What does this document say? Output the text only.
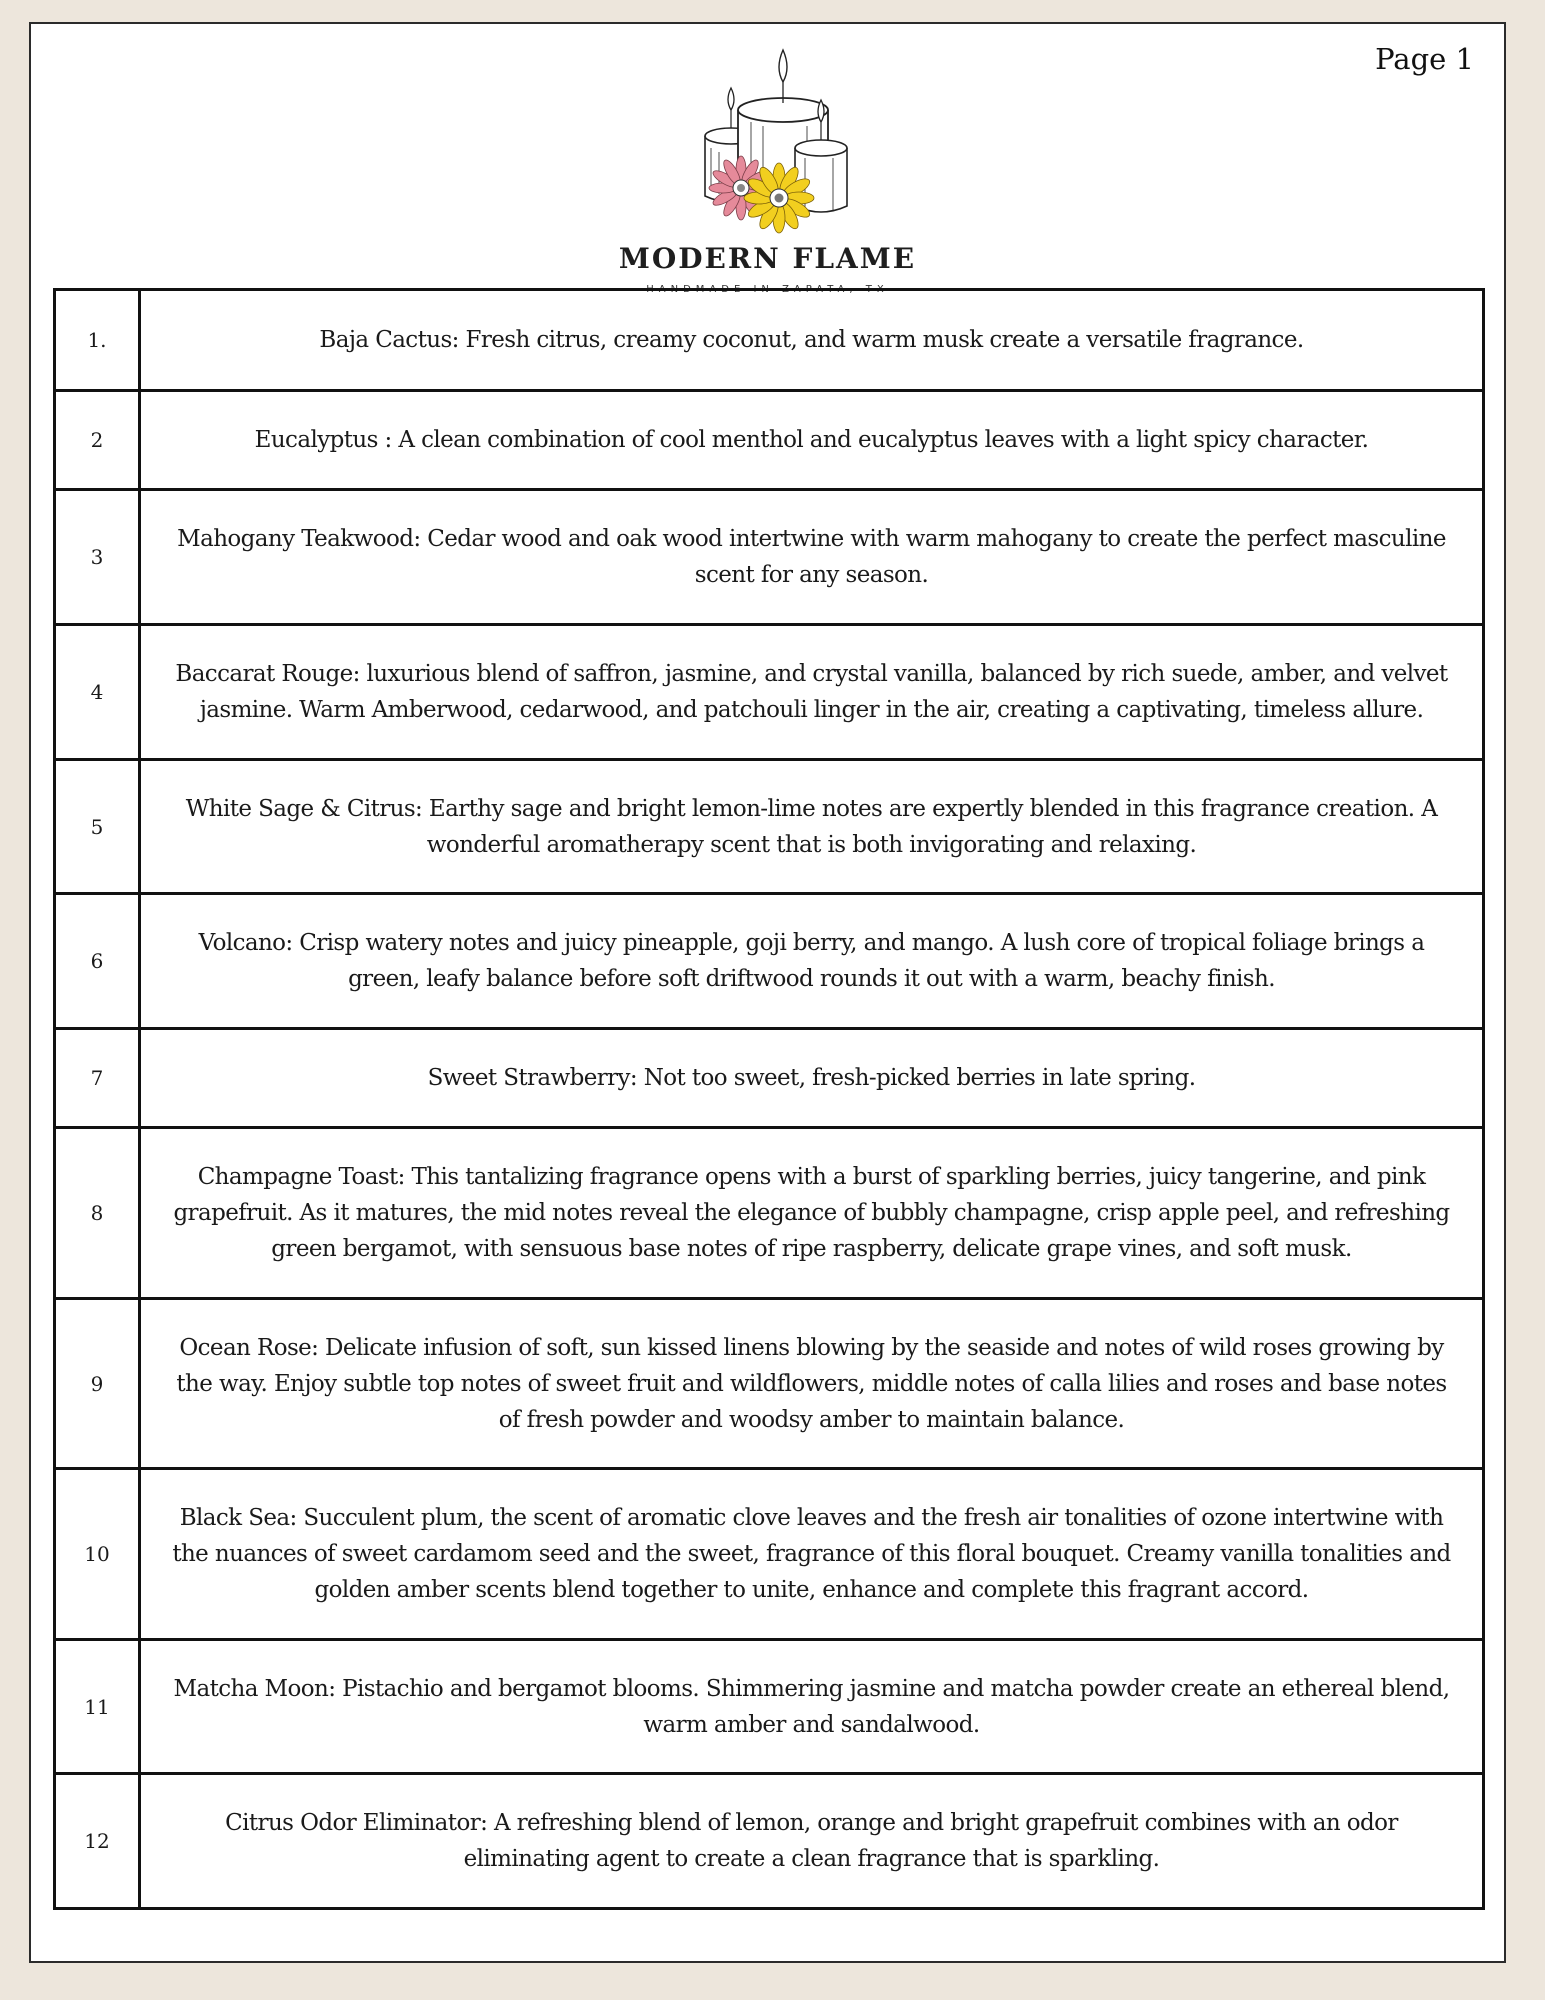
Page 1
MODERN FLAME
HANDMADE IN ZAPATA, TX
1.	Baja Cactus: Fresh citrus, creamy coconut, and warm musk create a versatile fragrance.
2	Eucalyptus : A clean combination of cool menthol and eucalyptus leaves with a light spicy character.
3	Mahogany Teakwood: Cedar wood and oak wood intertwine with warm mahogany to create the perfect masculine scent for any season.
4	Baccarat Rouge: luxurious blend of saffron, jasmine, and crystal vanilla, balanced by rich suede, amber, and velvet jasmine. Warm Amberwood, cedarwood, and patchouli linger in the air, creating a captivating, timeless allure.
5	White Sage & Citrus: Earthy sage and bright lemon-lime notes are expertly blended in this fragrance creation. A wonderful aromatherapy scent that is both invigorating and relaxing.
6	Volcano: Crisp watery notes and juicy pineapple, goji berry, and mango. A lush core of tropical foliage brings a green, leafy balance before soft driftwood rounds it out with a warm, beachy finish.
7	Sweet Strawberry: Not too sweet, fresh-picked berries in late spring.
8	Champagne Toast: This tantalizing fragrance opens with a burst of sparkling berries, juicy tangerine, and pink grapefruit. As it matures, the mid notes reveal the elegance of bubbly champagne, crisp apple peel, and refreshing green bergamot, with sensuous base notes of ripe raspberry, delicate grape vines, and soft musk.
9	Ocean Rose: Delicate infusion of soft, sun kissed linens blowing by the seaside and notes of wild roses growing by the way. Enjoy subtle top notes of sweet fruit and wildflowers, middle notes of calla lilies and roses and base notes of fresh powder and woodsy amber to maintain balance.
10	Black Sea: Succulent plum, the scent of aromatic clove leaves and the fresh air tonalities of ozone intertwine with the nuances of sweet cardamom seed and the sweet, fragrance of this floral bouquet. Creamy vanilla tonalities and golden amber scents blend together to unite, enhance and complete this fragrant accord.
11	Matcha Moon: Pistachio and bergamot blooms. Shimmering jasmine and matcha powder create an ethereal blend, warm amber and sandalwood.
12	Citrus Odor Eliminator: A refreshing blend of lemon, orange and bright grapefruit combines with an odor eliminating agent to create a clean fragrance that is sparkling.
